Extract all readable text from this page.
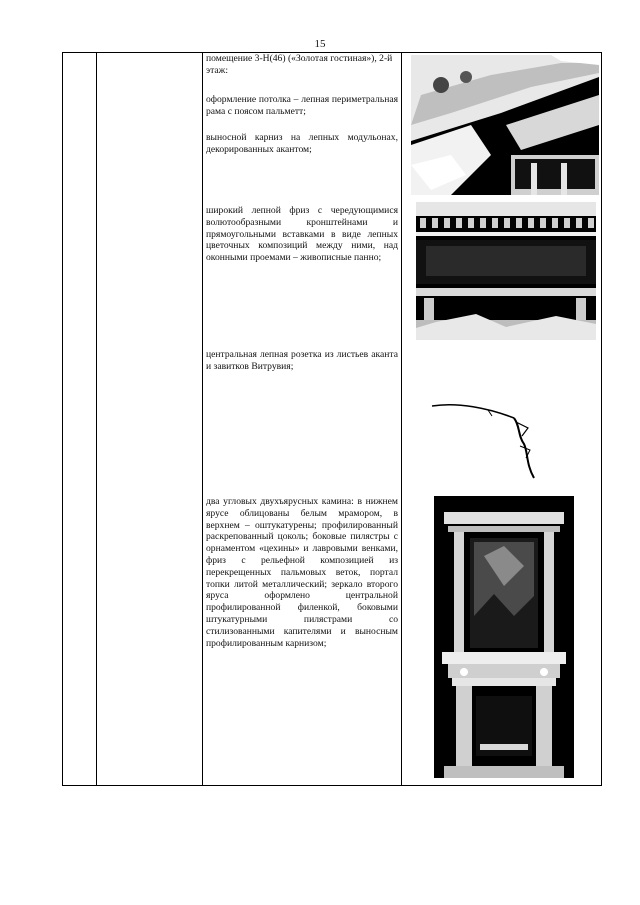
15
помещение 3-Н(46) («Золотая гостиная»), 2-й этаж:
оформление потолка – лепная периметральная рама с поясом пальметт;
выносной карниз на лепных модульонах, декорированных акантом;
широкий лепной фриз с чередующимися волютообразными кронштейнами и прямоугольными вставками в виде лепных цветочных композиций между ними, над оконными проемами – живописные панно;
центральная лепная розетка из листьев аканта и завитков Витрувия;
два угловых двухъярусных камина: в нижнем ярусе облицованы белым мрамором, в верхнем – оштукатурены; профилированный раскрепованный цоколь; боковые пилястры с орнаментом «цехины» и лавровыми венками, фриз с рельефной композицией из перекрещенных пальмовых веток, портал топки литой металлический; зеркало второго яруса оформлено центральной профилированной филенкой, боковыми штукатурными пилястрами со стилизованными капителями и выносным профилированным карнизом;
